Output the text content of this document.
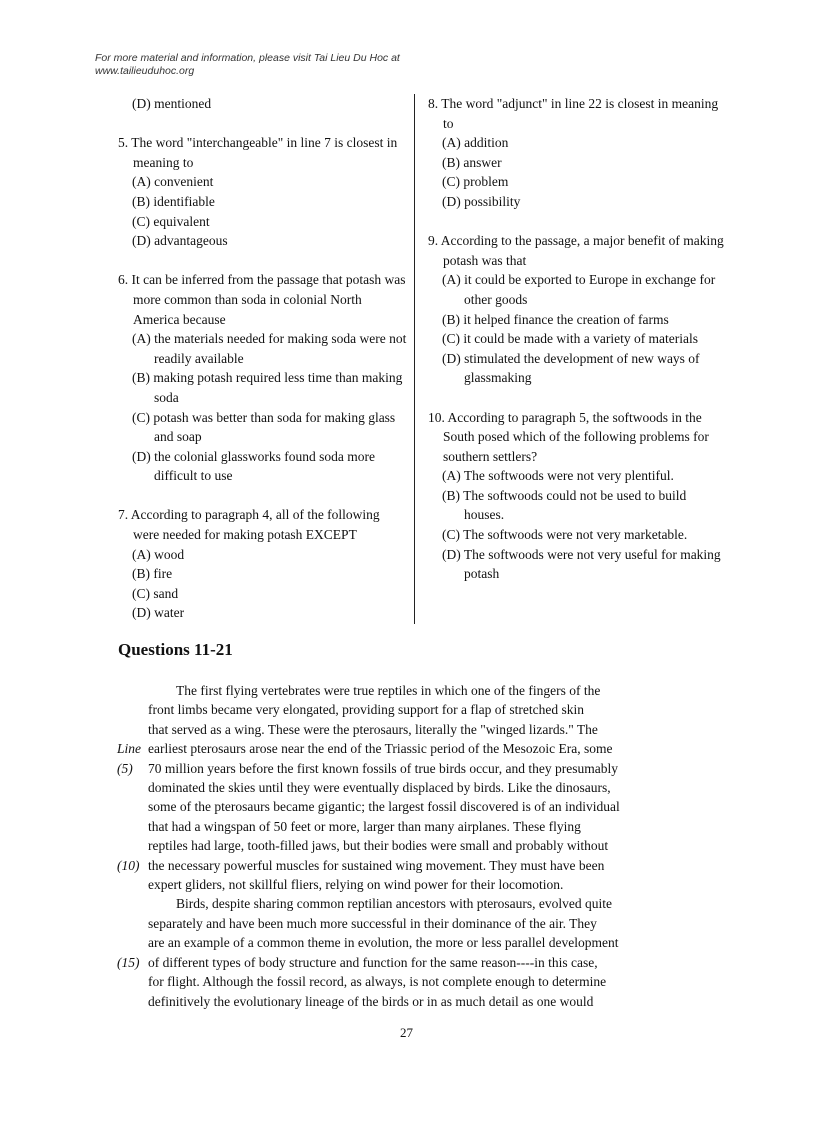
For more material and information, please visit Tai Lieu Du Hoc at
www.tailieuduhoc.org
(D) mentioned
5. The word "interchangeable" in line 7 is closest in meaning to
(A) convenient
(B) identifiable
(C) equivalent
(D) advantageous
6. It can be inferred from the passage that potash was more common than soda in colonial North America because
(A) the materials needed for making soda were not readily available
(B) making potash required less time than making soda
(C) potash was better than soda for making glass and soap
(D) the colonial glassworks found soda more difficult to use
7. According to paragraph 4, all of the following were needed for making potash EXCEPT
(A) wood
(B) fire
(C) sand
(D) water
8. The word "adjunct" in line 22 is closest in meaning to
(A) addition
(B) answer
(C) problem
(D) possibility
9. According to the passage, a major benefit of making potash was that
(A) it could be exported to Europe in exchange for other goods
(B) it helped finance the creation of farms
(C) it could be made with a variety of materials
(D) stimulated the development of new ways of glassmaking
10. According to paragraph 5, the softwoods in the South posed which of the following problems for southern settlers?
(A) The softwoods were not very plentiful.
(B) The softwoods could not be used to build houses.
(C) The softwoods were not very marketable.
(D) The softwoods were not very useful for making potash
Questions 11-21
The first flying vertebrates were true reptiles in which one of the fingers of the
front limbs became very elongated, providing support for a flap of stretched skin
that served as a wing. These were the pterosaurs, literally the "winged lizards." The
Line earliest pterosaurs arose near the end of the Triassic period of the Mesozoic Era, some
(5) 70 million years before the first known fossils of true birds occur, and they presumably
dominated the skies until they were eventually displaced by birds. Like the dinosaurs,
some of the pterosaurs became gigantic; the largest fossil discovered is of an individual
that had a wingspan of 50 feet or more, larger than many airplanes. These flying
reptiles had large, tooth-filled jaws, but their bodies were small and probably without
(10) the necessary powerful muscles for sustained wing movement. They must have been
expert gliders, not skillful fliers, relying on wind power for their locomotion.
Birds, despite sharing common reptilian ancestors with pterosaurs, evolved quite
separately and have been much more successful in their dominance of the air. They
are an example of a common theme in evolution, the more or less parallel development
(15) of different types of body structure and function for the same reason----in this case,
for flight. Although the fossil record, as always, is not complete enough to determine
definitively the evolutionary lineage of the birds or in as much detail as one would
27
